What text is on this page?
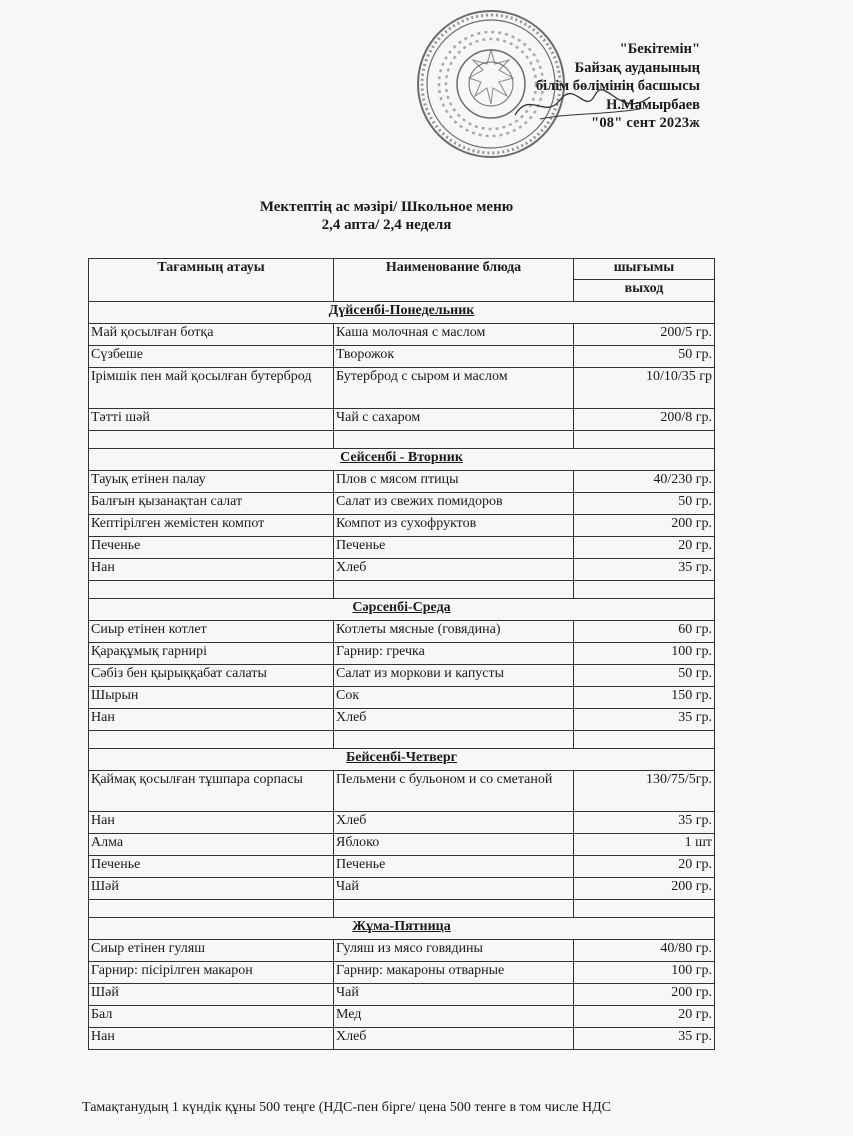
"Бекітемін"
Байзақ ауданының
білім бөлімінің басшысы
Н.Мамырбаев
"08" сент 2023ж
Мектептің ас мәзірі/ Школьное меню
2,4 апта/ 2,4 неделя
Тағамның атауы	Наименование блюда	шығымы
		выход
Дүйсенбі-Понедельник		
Май қосылған ботқа	Каша молочная с маслом	200/5 гр.
Сүзбеше	Творожок	50 гр.
Ірімшік пен май қосылған бутерброд	Бутерброд с сыром и маслом	10/10/35 гр
Тәтті шәй	Чай с сахаром	200/8 гр.

Сейсенбі - Вторник		
Тауық етінен палау	Плов с мясом птицы	40/230 гр.
Балғын қызанақтан салат	Салат из свежих помидоров	50 гр.
Кептірілген жемістен компот	Компот из сухофруктов	200 гр.
Печенье	Печенье	20 гр.
Нан	Хлеб	35 гр.

Сәрсенбі-Среда		
Сиыр етінен котлет	Котлеты мясные (говядина)	60 гр.
Қарақұмық гарнирі	Гарнир: гречка	100 гр.
Сәбіз бен қырыққабат салаты	Салат из моркови и капусты	50 гр.
Шырын	Сок	150 гр.
Нан	Хлеб	35 гр.

Бейсенбі-Четверг		
Қаймақ қосылған тұшпара сорпасы	Пельмени с бульоном и со сметаной	130/75/5гр.
Нан	Хлеб	35 гр.
Алма	Яблоко	1 шт
Печенье	Печенье	20 гр.
Шәй	Чай	200 гр.

Жұма-Пятница		
Сиыр етінен гуляш	Гуляш из мясо говядины	40/80 гр.
Гарнир: пісірілген макарон	Гарнир: макароны отварные	100 гр.
Шәй	Чай	200 гр.
Бал	Мед	20 гр.
Нан	Хлеб	35 гр.
Тамақтанудың 1 күндік құны 500 теңге (НДС-пен бірге/ цена 500 тенге в том числе НДС
